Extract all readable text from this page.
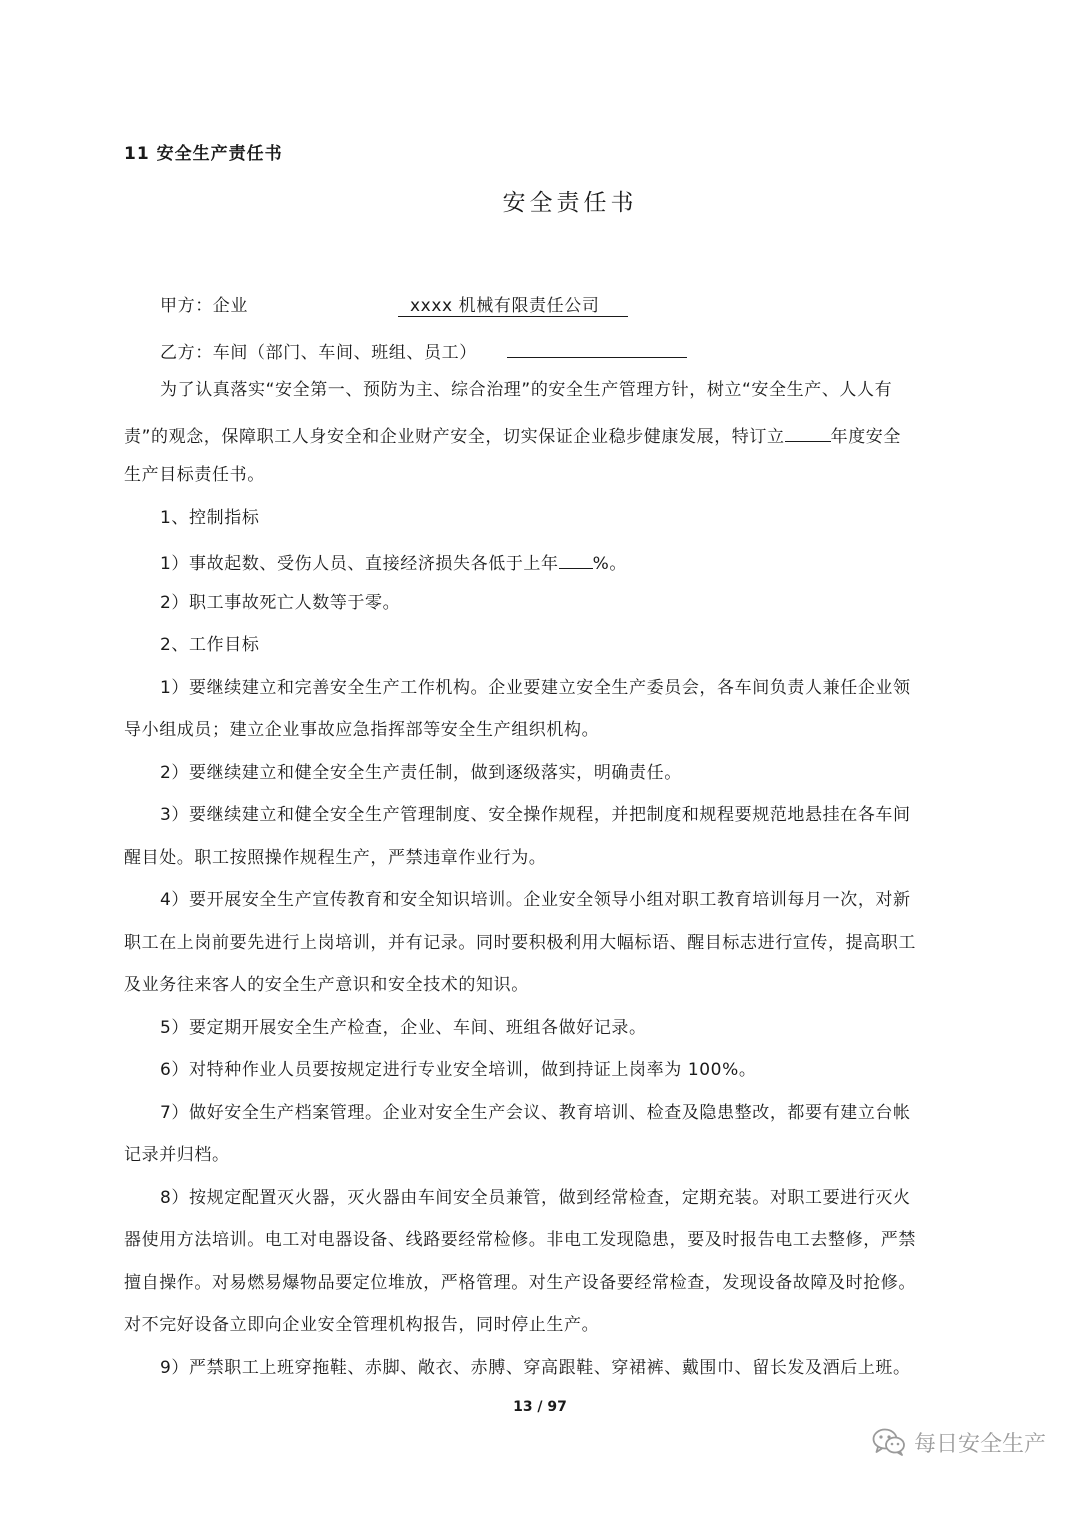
11 安全生产责任书
安全责任书
甲方：企业	xxxx 机械有限责任公司
乙方：车间（部门、车间、班组、员工）
为了认真落实“安全第一、预防为主、综合治理”的安全生产管理方针，树立“安全生产、人人有
责”的观念，保障职工人身安全和企业财产安全，切实保证企业稳步健康发展，特订立	年度安全
生产目标责任书。
1、控制指标
1）事故起数、受伤人员、直接经济损失各低于上年 %。
2）职工事故死亡人数等于零。
2、工作目标
1）要继续建立和完善安全生产工作机构。企业要建立安全生产委员会，各车间负责人兼任企业领
导小组成员；建立企业事故应急指挥部等安全生产组织机构。
2）要继续建立和健全安全生产责任制，做到逐级落实，明确责任。
3）要继续建立和健全安全生产管理制度、安全操作规程，并把制度和规程要规范地悬挂在各车间
醒目处。职工按照操作规程生产，严禁违章作业行为。
4）要开展安全生产宣传教育和安全知识培训。企业安全领导小组对职工教育培训每月一次，对新
职工在上岗前要先进行上岗培训，并有记录。同时要积极利用大幅标语、醒目标志进行宣传，提高职工
及业务往来客人的安全生产意识和安全技术的知识。
5）要定期开展安全生产检查，企业、车间、班组各做好记录。
6）对特种作业人员要按规定进行专业安全培训，做到持证上岗率为 100%。
7）做好安全生产档案管理。企业对安全生产会议、教育培训、检查及隐患整改，都要有建立台帐
记录并归档。
8）按规定配置灭火器，灭火器由车间安全员兼管，做到经常检查，定期充装。对职工要进行灭火
器使用方法培训。电工对电器设备、线路要经常检修。非电工发现隐患，要及时报告电工去整修，严禁
擅自操作。对易燃易爆物品要定位堆放，严格管理。对生产设备要经常检查，发现设备故障及时抢修。
对不完好设备立即向企业安全管理机构报告，同时停止生产。
9）严禁职工上班穿拖鞋、赤脚、敞衣、赤膊、穿高跟鞋、穿裙裤、戴围巾、留长发及酒后上班。
13 / 97
每日安全生产
